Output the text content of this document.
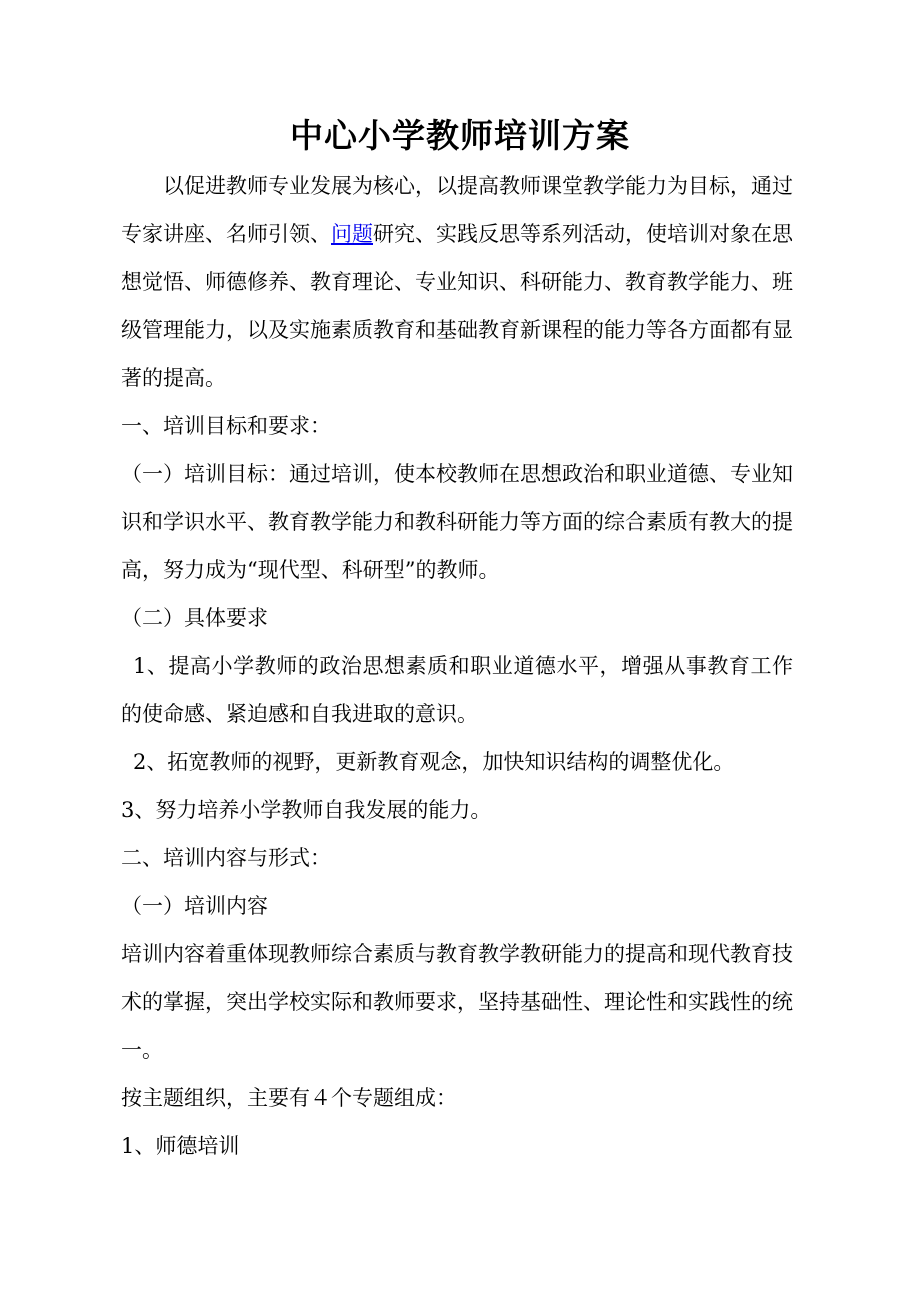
中心小学教师培训方案

以促进教师专业发展为核心，以提高教师课堂教学能力为目标，通过专家讲座、名师引领、问题研究、实践反思等系列活动，使培训对象在思想觉悟、师德修养、教育理论、专业知识、科研能力、教育教学能力、班级管理能力，以及实施素质教育和基础教育新课程的能力等各方面都有显著的提高。

一、培训目标和要求：

（一）培训目标：通过培训，使本校教师在思想政治和职业道德、专业知识和学识水平、教育教学能力和教科研能力等方面的综合素质有教大的提高，努力成为“现代型、科研型”的教师。

（二）具体要求

1、提高小学教师的政治思想素质和职业道德水平，增强从事教育工作的使命感、紧迫感和自我进取的意识。

2、拓宽教师的视野，更新教育观念，加快知识结构的调整优化。

3、努力培养小学教师自我发展的能力。

二、培训内容与形式：

（一）培训内容

培训内容着重体现教师综合素质与教育教学教研能力的提高和现代教育技术的掌握，突出学校实际和教师要求，坚持基础性、理论性和实践性的统一。

按主题组织，主要有４个专题组成：

1、师德培训
